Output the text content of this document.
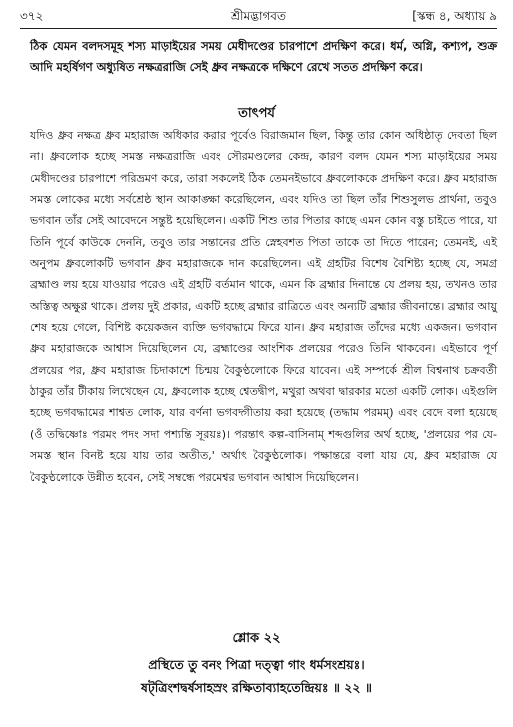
৩৭২	শ্রীমদ্ভাগবত	[স্কন্ধ ৪, অধ্যায় ৯
ঠিক যেমন বলদসমূহ শস্য মাড়াইয়ের সময় মেধীদণ্ডের চারপাশে প্রদক্ষিণ করে। ধর্ম, অগ্নি, কশ্যপ, শুক্র আদি মহর্ষিগণ অধ্যুষিত নক্ষত্ররাজি সেই ধ্রুব নক্ষত্রকে দক্ষিণে রেখে সতত প্রদক্ষিণ করে।
তাৎপর্য
যদিও ধ্রুব নক্ষত্র ধ্রুব মহারাজ অধিকার করার পূর্বেও বিরাজমান ছিল, কিন্তু তার কোন অধিষ্ঠাতৃ দেবতা ছিল না। ধ্রুবলোক হচ্ছে সমস্ত নক্ষত্ররাজি এবং সৌরমণ্ডলের কেন্দ্র, কারণ বলদ যেমন শস্য মাড়াইয়ের সময় মেধীদণ্ডের চারপাশে পরিভ্রমণ করে, তারা সকলেই ঠিক তেমনইভাবে ধ্রুবলোককে প্রদক্ষিণ করে। ধ্রুব মহারাজ সমস্ত লোকের মধ্যে সর্বশ্রেষ্ঠ স্থান আকাঙ্ক্ষা করেছিলেন, এবং যদিও তা ছিল তাঁর শিশুসুলভ প্রার্থনা, তবুও ভগবান তাঁর সেই আবেদনে সন্তুষ্ট হয়েছিলেন। একটি শিশু তার পিতার কাছে এমন কোন বস্তু চাইতে পারে, যা তিনি পূর্বে কাউকে দেননি, তবুও তার সন্তানের প্রতি স্নেহবশত পিতা তাকে তা দিতে পারেন; তেমনই, এই অনুপম ধ্রুবলোকটি ভগবান ধ্রুব মহারাজকে দান করেছিলেন। এই গ্রহটির বিশেষ বৈশিষ্ট্য হচ্ছে যে, সমগ্র ব্রহ্মাণ্ড লয় হয়ে যাওয়ার পরেও এই গ্রহটি বর্তমান থাকে, এমন কি ব্রহ্মার দিনান্তে যে প্রলয় হয়, তখনও তার অস্তিত্ব অক্ষুণ্ণ থাকে। প্রলয় দুই প্রকার, একটি হচ্ছে ব্রহ্মার রাত্রিতে এবং অন্যটি ব্রহ্মার জীবনান্তে। ব্রহ্মার আয়ু শেষ হয়ে গেলে, বিশিষ্ট কয়েকজন ব্যক্তি ভগবদ্ধামে ফিরে যান। ধ্রুব মহারাজ তাঁদের মধ্যে একজন। ভগবান ধ্রুব মহারাজকে আশ্বাস দিয়েছিলেন যে, ব্রহ্মাণ্ডের আংশিক প্রলয়ের পরেও তিনি থাকবেন। এইভাবে পূর্ণ প্রলয়ের পর, ধ্রুব মহারাজ চিদাকাশে চিন্ময় বৈকুণ্ঠলোকে ফিরে যাবেন। এই সম্পর্কে শ্রীল বিশ্বনাথ চক্রবর্তী ঠাকুর তাঁর টীকায় লিখেছেন যে, ধ্রুবলোক হচ্ছে শ্বেতদ্বীপ, মথুরা অথবা দ্বারকার মতো একটি লোক। এইগুলি হচ্ছে ভগবদ্ধামের শাশ্বত লোক, যার বর্ণনা ভগবদ্গীতায় করা হয়েছে (তদ্ধাম পরমম্) এবং বেদে বলা হয়েছে (ওঁ তদ্বিষ্ণোঃ পরমং পদং সদা পশ্যন্তি সূরয়ঃ)। পরন্তাৎ কল্প-বাসিনাম্ শব্দগুলির অর্থ হচ্ছে, 'প্রলয়ের পর যে-সমস্ত স্থান বিনষ্ট হয়ে যায় তার অতীত,' অর্থাৎ বৈকুণ্ঠলোক। পক্ষান্তরে বলা যায় যে, ধ্রুব মহারাজ যে বৈকুণ্ঠলোকে উন্নীত হবেন, সেই সম্বন্ধে পরমেশ্বর ভগবান আশ্বাস দিয়েছিলেন।
শ্লোক ২২
প্রস্থিতে তু বনং পিত্রা দত্ত্বা গাং ধর্মসংশ্রয়ঃ।
ষট্‌ত্রিংশদ্বর্ষসাহস্রং রক্ষিতাব্যাহতেন্দ্রিয়ঃ ॥ ২২ ॥
